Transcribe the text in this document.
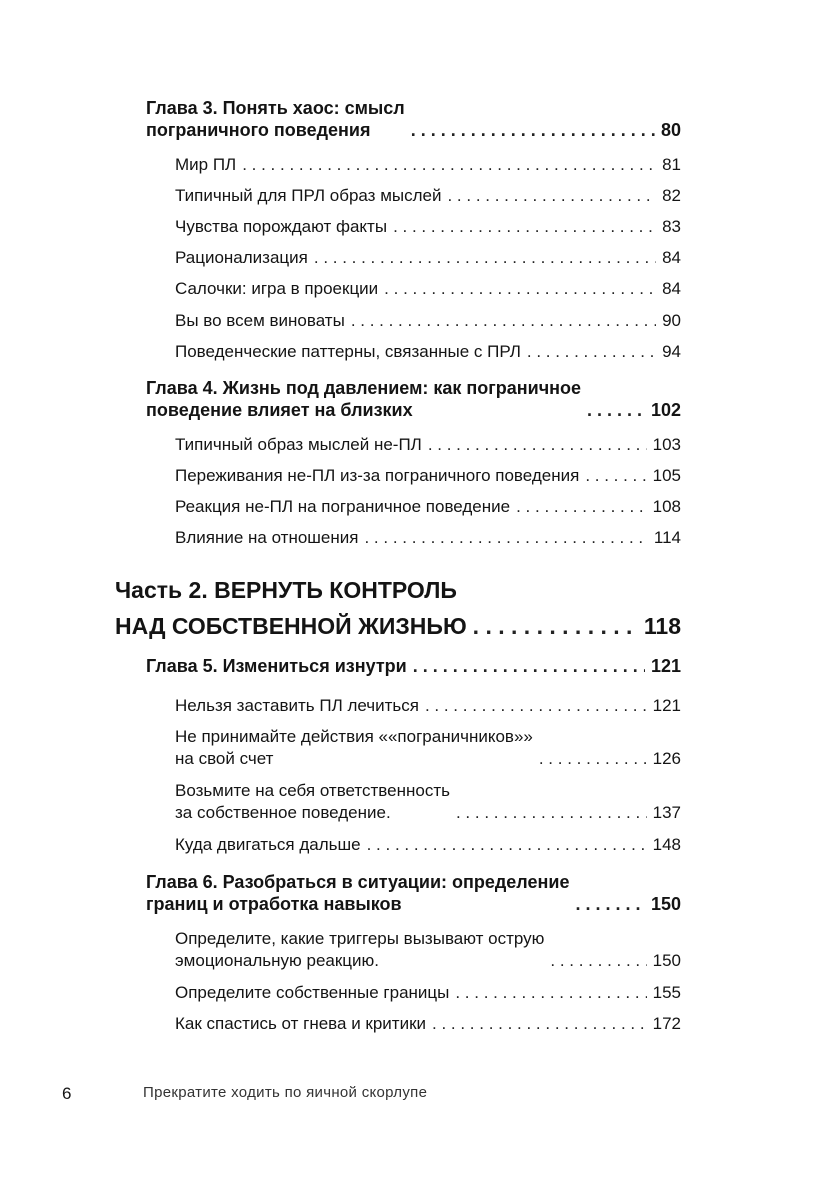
Глава 3. Понять хаос: смысл
пограничного поведения . . .	80
Мир ПЛ . . .	81
Типичный для ПРЛ образ мыслей . . .	82
Чувства порождают факты . . .	83
Рационализация . . .	84
Салочки: игра в проекции . . .	84
Вы во всем виноваты . . .	90
Поведенческие паттерны, связанные с ПРЛ . . .	94
Глава 4. Жизнь под давлением: как пограничное
поведение влияет на близких . . .	102
Типичный образ мыслей не-ПЛ . . .	103
Переживания не-ПЛ из-за пограничного поведения . . .	105
Реакция не-ПЛ на пограничное поведение . . .	108
Влияние на отношения . . .	114
Часть 2. ВЕРНУТЬ КОНТРОЛЬ
НАД СОБСТВЕННОЙ ЖИЗНЬЮ . . .	118
Глава 5. Измениться изнутри . . .	121
Нельзя заставить ПЛ лечиться . . .	121
Не принимайте действия ««пограничников»»
на свой счет . . .	126
Возьмите на себя ответственность
за собственное поведение. . . .	137
Куда двигаться дальше . . .	148
Глава 6. Разобраться в ситуации: определение
границ и отработка навыков . . .	150
Определите, какие триггеры вызывают острую
эмоциональную реакцию. . . .	150
Определите собственные границы . . .	155
Как спастись от гнева и критики . . .	172
6	Прекратите ходить по яичной скорлупе
